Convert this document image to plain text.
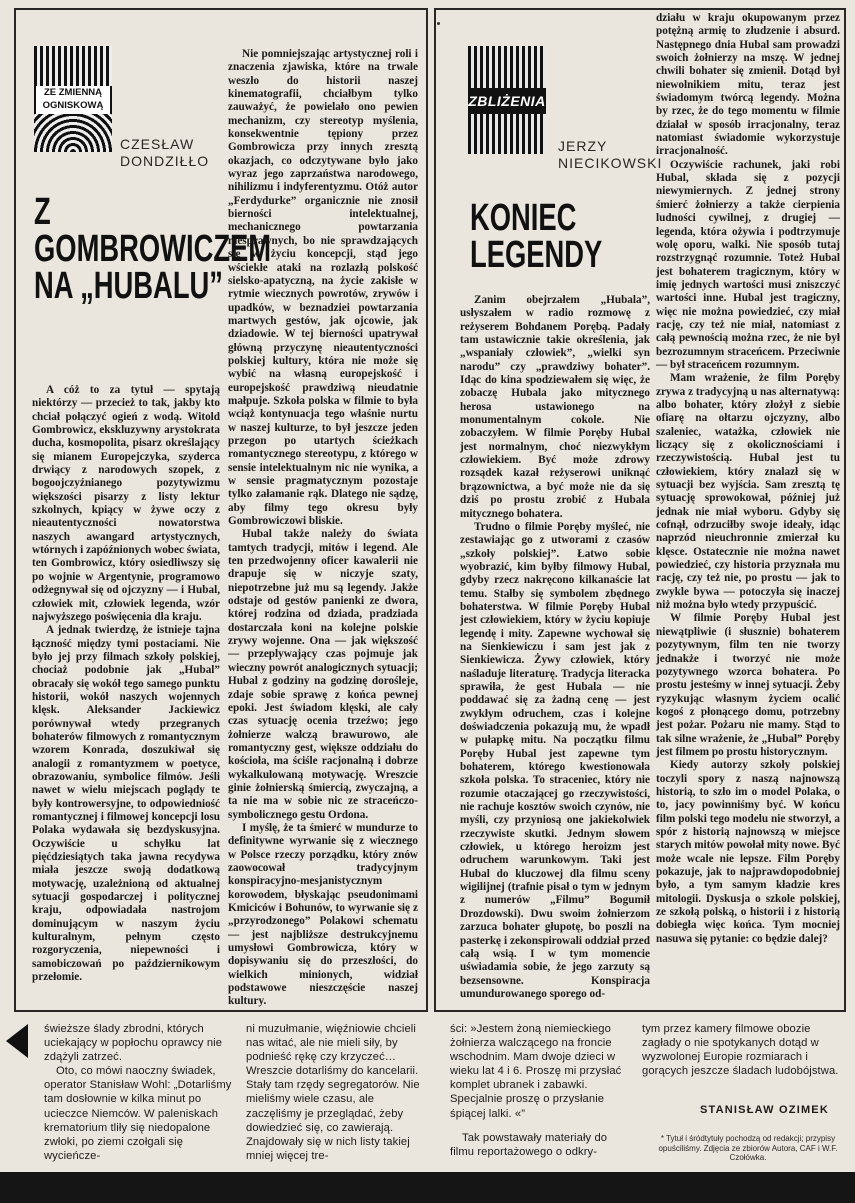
ZE ZMIENNĄ OGNISKOWĄ
CZESŁAW DONDZIŁŁO
Z GOMBROWICZEM NA „HUBALU”

A cóż to za tytuł — spytają niektórzy — przecież to tak, jakby kto chciał połączyć ogień z wodą. Witold Gombrowicz, ekskluzywny arystokrata ducha, kosmopolita, pisarz określający się mianem Europejczyka, szyderca drwiący z narodowych szopek, z bogoojczyźnianego pozytywizmu większości pisarzy z listy lektur szkolnych, kpiący w żywe oczy z nieautentyczności nowatorstwa naszych awangard artystycznych, wtórnych i zapóźnionych wobec świata, ten Gombrowicz, który osiedliwszy się po wojnie w Argentynie, programowo odżegnywał się od ojczyzny — i Hubal, człowiek mit, człowiek legenda, wzór najwyższego poświęcenia dla kraju.

A jednak twierdzę, że istnieje tajna łączność między tymi postaciami. Nie było jej przy filmach szkoły polskiej, chociaż podobnie jak „Hubal” obracały się wokół tego samego punktu historii, wokół naszych wojennych klęsk. Aleksander Jackiewicz porównywał wtedy przegranych bohaterów filmowych z romantycznym wzorem Konrada, doszukiwał się analogii z romantyzmem w poetyce, obrazowaniu, symbolice filmów. Jeśli nawet w wielu miejscach poglądy te były kontrowersyjne, to odpowiedniość romantycznej i filmowej koncepcji losu Polaka wydawała się bezdyskusyjna. Oczywiście u schyłku lat pięćdziesiątych taka jawna recydywa miała jeszcze swoją dodatkową motywację, uzależnioną od aktualnej sytuacji gospodarczej i politycznej kraju, odpowiadała nastrojom dominującym w naszym życiu kulturalnym, pełnym często rozgoryczenia, niepewności i samobiczowań po październikowym przełomie.

Nie pomniejszając artystycznej roli i znaczenia zjawiska, które na trwale weszło do historii naszej kinematografii, chciałbym tylko zauważyć, że powielało ono pewien mechanizm, czy stereotyp myślenia, konsekwentnie tępiony przez Gombrowicza przy innych zresztą okazjach, co odczytywane było jako wyraz jego zaprzaństwa narodowego, nihilizmu i indyferentyzmu. Otóż autor „Ferdydurke” organicznie nie znosił bierności intelektualnej, mechanicznego powtarzania niesprawnych, bo nie sprawdzających się w życiu koncepcji, stąd jego wściekłe ataki na rozlazłą polskość sielsko-apatyczną, na życie zakisłe w rytmie wiecznych powrotów, zrywów i upadków, w beznadziei powtarzania martwych gestów, jak ojcowie, jak dziadowie. W tej bierności upatrywał główną przyczynę nieautentyczności polskiej kultury, która nie może się wybić na własną europejskość i europejskość prawdziwą nieudatnie małpuje. Szkoła polska w filmie to była wciąż kontynuacja tego właśnie nurtu w naszej kulturze, to był jeszcze jeden przegon po utartych ścieżkach romantycznego stereotypu, z którego w sensie intelektualnym nic nie wynika, a w sensie pragmatycznym pozostaje tylko załamanie rąk. Dlatego nie sądzę, aby filmy tego okresu były Gombrowiczowi bliskie.

Hubal także należy do świata tamtych tradycji, mitów i legend. Ale ten przedwojenny oficer kawalerii nie drapuje się w niczyje szaty, niepotrzebne już mu są legendy. Jakże odstaje od gestów panienki ze dwora, której rodzina od dziada, pradziada dostarczała koni na kolejne polskie zrywy wojenne. Ona — jak większość — przeplywający czas pojmuje jak wieczny powrót analogicznych sytuacji; Hubal z godziny na godzinę dorośleje, zdaje sobie sprawę z końca pewnej epoki. Jest świadom klęski, ale cały czas sytuację ocenia trzeźwo; jego żołnierze walczą brawurowo, ale romantyczny gest, większe oddziału do kościoła, ma ściśle racjonalną i dobrze wykalkulowaną motywację. Wreszcie ginie żołnierską śmiercią, zwyczajną, a ta nie ma w sobie nic ze straceńczo-symbolicznego gestu Ordona.

I myślę, że ta śmierć w mundurze to definitywne wyrwanie się z wiecznego w Polsce rzeczy porządku, który znów zaowocował tradycyjnym konspiracyjno-mesjanistycznym korowodem, błyskając pseudonimami Kmiciców i Bohunów, to wyrwanie się z „przyrodzonego” Polakowi schematu — jest najbliższe destrukcyjnemu umysłowi Gombrowicza, który w dopisywaniu się do przeszłości, do wielkich minionych, widział podstawowe nieszczęście naszej kultury.

ZBLIŻENIA
JERZY NIECIKOWSKI
KONIEC LEGENDY

Zanim obejrzałem „Hubala”, usłyszałem w radio rozmowę z reżyserem Bohdanem Porębą. Padały tam ustawicznie takie określenia, jak „wspaniały człowiek”, „wielki syn narodu” czy „prawdziwy bohater”. Idąc do kina spodziewałem się więc, że zobaczę Hubala jako mitycznego herosa ustawionego na monumentalnym cokole. Nie zobaczyłem. W filmie Poręby Hubal jest normalnym, choć niezwykłym człowiekiem. Być może zdrowy rozsądek kazał reżyserowi uniknąć brązownictwa, a być może nie da się dziś po prostu zrobić z Hubala mitycznego bohatera.

Trudno o filmie Poręby myśleć, nie zestawiając go z utworami z czasów „szkoły polskiej”. Łatwo sobie wyobrazić, kim byłby filmowy Hubal, gdyby rzecz nakręcono kilkanaście lat temu. Stałby się symbolem zbędnego bohaterstwa. W filmie Poręby Hubal jest człowiekiem, który w życiu kopiuje legendę i mity. Zapewne wychował się na Sienkiewiczu i sam jest jak z Sienkiewicza. Żywy człowiek, który naśladuje literaturę. Tradycja literacka sprawiła, że gest Hubala — nie poddawać się za żadną cenę — jest zwykłym odruchem, czas i kolejne doświadczenia pokazują mu, że wpadł w pułapkę mitu. Na początku filmu Poręby Hubal jest zapewne tym bohaterem, którego kwestionowała szkoła polska. To straceniec, który nie rozumie otaczającej go rzeczywistości, nie rachuje kosztów swoich czynów, nie myśli, czy przyniosą one jakiekolwiek rzeczywiste skutki. Jednym słowem człowiek, u którego heroizm jest odruchem warunkowym. Taki jest Hubal do kluczowej dla filmu sceny wigilijnej (trafnie pisał o tym w jednym z numerów „Filmu” Bogumił Drozdowski). Dwu swoim żołnierzom zarzuca bohater głupotę, bo poszli na pasterkę i zekonspirowali oddział przed całą wsią. I w tym momencie uświadamia sobie, że jego zarzuty są bezsensowne. Konspiracja umundurowanego sporego od-

działu w kraju okupowanym przez potężną armię to złudzenie i absurd. Następnego dnia Hubal sam prowadzi swoich żołnierzy na mszę. W jednej chwili bohater się zmienił. Dotąd był niewolnikiem mitu, teraz jest świadomym twórcą legendy. Można by rzec, że do tego momentu w filmie działał w sposób irracjonalny, teraz natomiast świadomie wykorzystuje irracjonalność.

Oczywiście rachunek, jaki robi Hubal, składa się z pozycji niewymiernych. Z jednej strony śmierć żołnierzy a także cierpienia ludności cywilnej, z drugiej — legenda, która ożywia i podtrzymuje wolę oporu, walki. Nie sposób tutaj rozstrzygnąć rozumnie. Toteż Hubal jest bohaterem tragicznym, który w imię jednych wartości musi zniszczyć wartości inne. Hubal jest tragiczny, więc nie można powiedzieć, czy miał rację, czy też nie miał, natomiast z całą pewnością można rzec, że nie był bezrozumnym straceńcem. Przeciwnie — był straceńcem rozumnym.

Mam wrażenie, że film Poręby zrywa z tradycyjną u nas alternatywą: albo bohater, który złożył z siebie ofiarę na ołtarzu ojczyzny, albo szaleniec, watażka, człowiek nie liczący się z okolicznościami i rzeczywistością. Hubal jest tu człowiekiem, który znalazł się w sytuacji bez wyjścia. Sam zresztą tę sytuację sprowokował, później już jednak nie miał wyboru. Gdyby się cofnął, odrzuciłby swoje ideały, idąc naprzód nieuchronnie zmierzał ku klęsce. Ostatecznie nie można nawet powiedzieć, czy historia przyznała mu rację, czy też nie, po prostu — jak to zwykle bywa — potoczyła się inaczej niż można było wtedy przypuścić.

W filmie Poręby Hubal jest niewątpliwie (i słusznie) bohaterem pozytywnym, film ten nie tworzy jednakże i tworzyć nie może pozytywnego wzorca bohatera. Po prostu jesteśmy w innej sytuacji. Żeby ryzykując własnym życiem ocalić kogoś z płonącego domu, potrzebny jest pożar. Pożaru nie mamy. Stąd to tak silne wrażenie, że „Hubal” Poręby jest filmem po prostu historycznym.

Kiedy autorzy szkoły polskiej toczyli spory z naszą najnowszą historią, to szło im o model Polaka, o to, jacy powinniśmy być. W końcu film polski tego modelu nie stworzył, a spór z historią najnowszą w miejsce starych mitów powołał mity nowe. Być może wcale nie lepsze. Film Poręby pokazuje, jak to najprawdopodobniej było, a tym samym kładzie kres mitologii. Dyskusja o szkole polskiej, ze szkołą polską, o historii i z historią dobiegła więc końca. Tym mocniej nasuwa się pytanie: co będzie dalej?

świeższe ślady zbrodni, których uciekający w popłochu oprawcy nie zdążyli zatrzeć.

Oto, co mówi naoczny świadek, operator Stanisław Wohl: „Dotarliśmy tam dosłownie w kilka minut po ucieczce Niemców. W paleniskach krematorium tliły się niedopalone zwłoki, po ziemi czołgali się wycieńcze-

ni muzułmanie, więźniowie chcieli nas witać, ale nie mieli siły, by podnieść rękę czy krzyczeć… Wreszcie dotarliśmy do kancelarii. Stały tam rzędy segregatorów. Nie mieliśmy wiele czasu, ale zaczęliśmy je przeglądać, żeby dowiedzieć się, co zawierają. Znajdowały się w nich listy takiej mniej więcej tre-

ści: »Jestem żoną niemieckiego żołnierza walczącego na froncie wschodnim. Mam dwoje dzieci w wieku lat 4 i 6. Proszę mi przysłać komplet ubranek i zabawki. Specjalnie proszę o przysłanie śpiącej lalki. «”

Tak powstawały materiały do filmu reportażowego o odkry-

tym przez kamery filmowe obozie zagłady o nie spotykanych dotąd w wyzwolonej Europie rozmiarach i gorących jeszcze śladach ludobójstwa.

STANISŁAW OZIMEK
* Tytuł i śródtytuły pochodzą od redakcji; przypisy opuściliśmy. Zdjęcia ze zbiorów Autora, CAF i W.F. Czołówka.
